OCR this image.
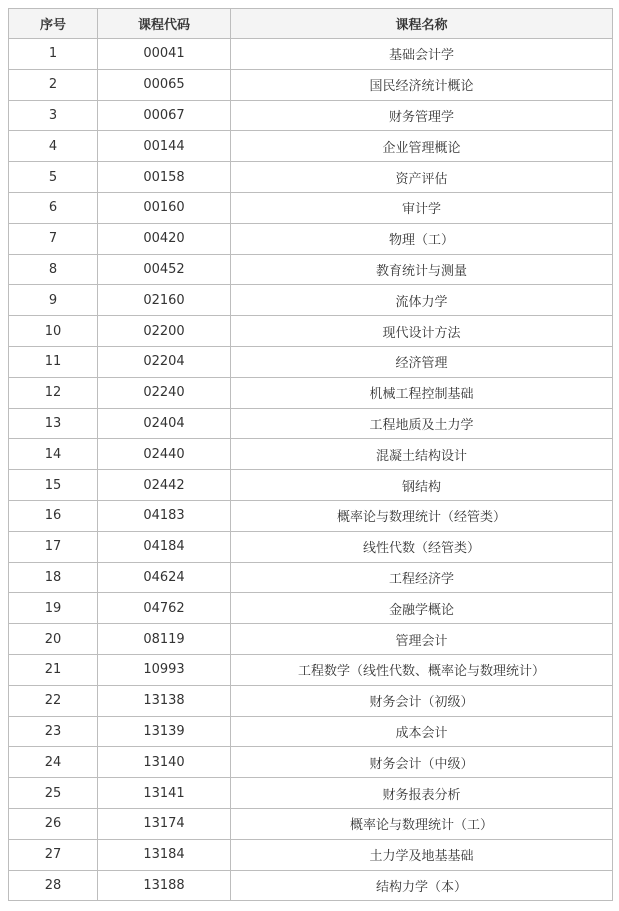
序号	课程代码	课程名称
1	00041	基础会计学
2	00065	国民经济统计概论
3	00067	财务管理学
4	00144	企业管理概论
5	00158	资产评估
6	00160	审计学
7	00420	物理（工）
8	00452	教育统计与测量
9	02160	流体力学
10	02200	现代设计方法
11	02204	经济管理
12	02240	机械工程控制基础
13	02404	工程地质及土力学
14	02440	混凝土结构设计
15	02442	钢结构
16	04183	概率论与数理统计（经管类）
17	04184	线性代数（经管类）
18	04624	工程经济学
19	04762	金融学概论
20	08119	管理会计
21	10993	工程数学（线性代数、概率论与数理统计）
22	13138	财务会计（初级）
23	13139	成本会计
24	13140	财务会计（中级）
25	13141	财务报表分析
26	13174	概率论与数理统计（工）
27	13184	土力学及地基基础
28	13188	结构力学（本）
